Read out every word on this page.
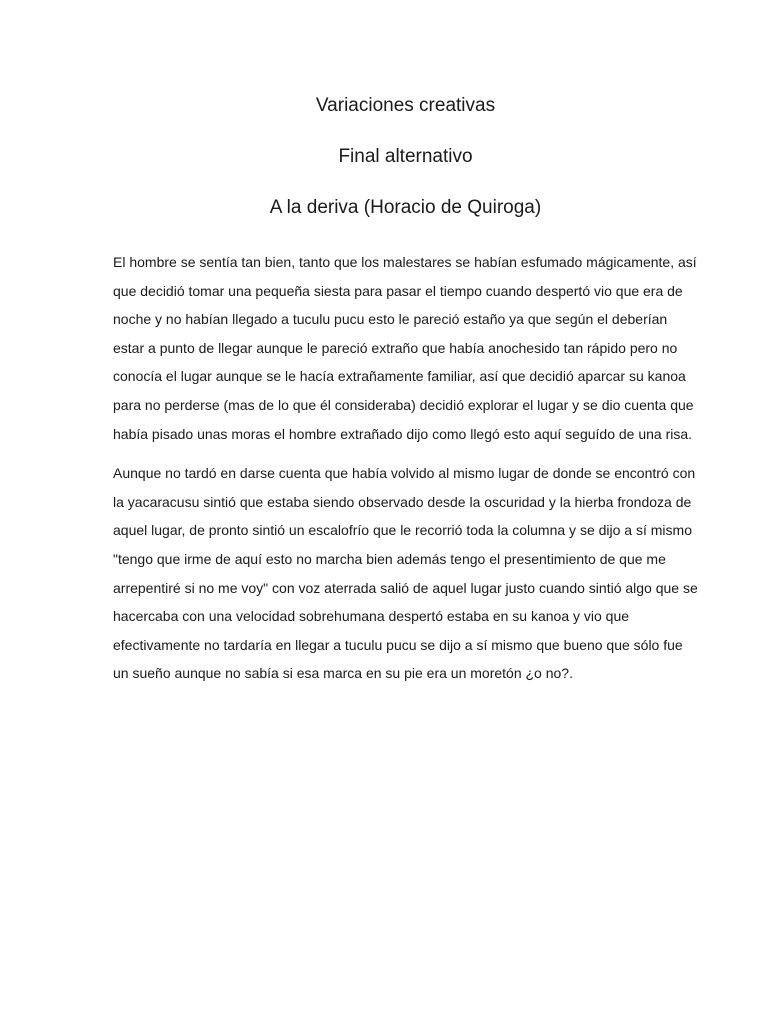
Variaciones creativas
Final alternativo
A la deriva (Horacio de Quiroga)

El hombre se sentía tan bien, tanto que los malestares se habían esfumado mágicamente, así que decidió tomar una pequeña siesta para pasar el tiempo cuando despertó vio que era de noche y no habían llegado a tuculu pucu esto le pareció estaño ya que según el deberían estar a punto de llegar aunque le pareció extraño que había anochesido tan rápido pero no conocía el lugar aunque se le hacía extrañamente familiar, así que decidió aparcar su kanoa para no perderse (mas de lo que él consideraba) decidió explorar el lugar y se dio cuenta que había pisado unas moras el hombre extrañado dijo como llegó esto aquí seguído de una risa.

Aunque no tardó en darse cuenta que había volvido al mismo lugar de donde se encontró con la yacaracusu sintió que estaba siendo observado desde la oscuridad y la hierba frondoza de aquel lugar, de pronto sintió un escalofrío que le recorrió toda la columna y se dijo a sí mismo "tengo que irme de aquí esto no marcha bien además tengo el presentimiento de que me arrepentiré si no me voy" con voz aterrada salió de aquel lugar justo cuando sintió algo que se hacercaba con una velocidad sobrehumana despertó estaba en su kanoa y vio que efectivamente no tardaría en llegar a tuculu pucu se dijo a sí mismo que bueno que sólo fue un sueño aunque no sabía si esa marca en su pie era un moretón ¿o no?.
